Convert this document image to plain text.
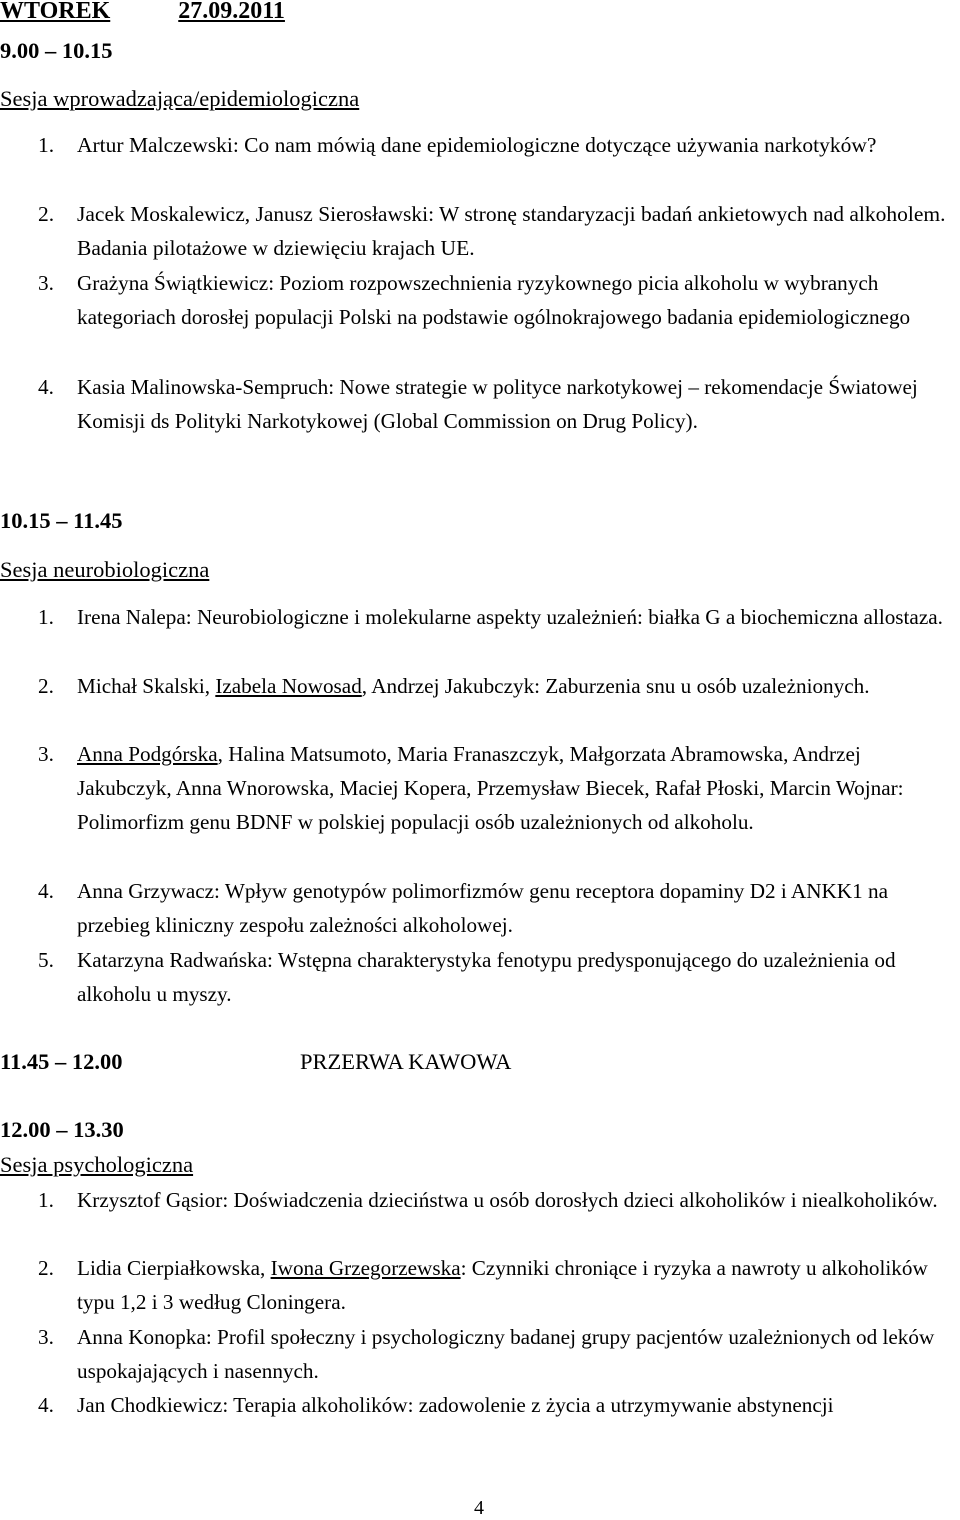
WTOREK	27.09.2011
9.00 – 10.15
Sesja wprowadzająca/epidemiologiczna
1.	Artur Malczewski: Co nam mówią dane epidemiologiczne dotyczące używania narkotyków?
2.	Jacek Moskalewicz, Janusz Sierosławski: W stronę standaryzacji badań ankietowych nad alkoholem. Badania pilotażowe w dziewięciu krajach UE.
3.	Grażyna Świątkiewicz: Poziom rozpowszechnienia ryzykownego picia alkoholu w wybranych kategoriach dorosłej populacji Polski na podstawie ogólnokrajowego badania epidemiologicznego
4.	Kasia Malinowska-Sempruch: Nowe strategie w polityce narkotykowej – rekomendacje Światowej Komisji ds Polityki Narkotykowej (Global Commission on Drug Policy).
10.15 – 11.45
Sesja neurobiologiczna
1.	Irena Nalepa: Neurobiologiczne i molekularne aspekty uzależnień: białka G a biochemiczna allostaza.
2.	Michał Skalski, Izabela Nowosad, Andrzej Jakubczyk: Zaburzenia snu u osób uzależnionych.
3.	Anna Podgórska, Halina Matsumoto, Maria Franaszczyk, Małgorzata Abramowska, Andrzej Jakubczyk, Anna Wnorowska, Maciej Kopera, Przemysław Biecek, Rafał Płoski, Marcin Wojnar: Polimorfizm genu BDNF w polskiej populacji osób uzależnionych od alkoholu.
4.	Anna Grzywacz: Wpływ genotypów polimorfizmów genu receptora dopaminy D2 i ANKK1 na przebieg kliniczny zespołu zależności alkoholowej.
5.	Katarzyna Radwańska: Wstępna charakterystyka fenotypu predysponującego do uzależnienia od alkoholu u myszy.
11.45 – 12.00	PRZERWA KAWOWA
12.00 – 13.30
Sesja psychologiczna
1.	Krzysztof Gąsior: Doświadczenia dzieciństwa u osób dorosłych dzieci alkoholików i niealkoholików.
2.	Lidia Cierpiałkowska, Iwona Grzegorzewska: Czynniki chroniące i ryzyka a nawroty u alkoholików typu 1,2 i 3 według Cloningera.
3.	Anna Konopka: Profil społeczny i psychologiczny badanej grupy pacjentów uzależnionych od leków uspokajających i nasennych.
4.	Jan Chodkiewicz: Terapia alkoholików: zadowolenie z życia a utrzymywanie abstynencji
4
